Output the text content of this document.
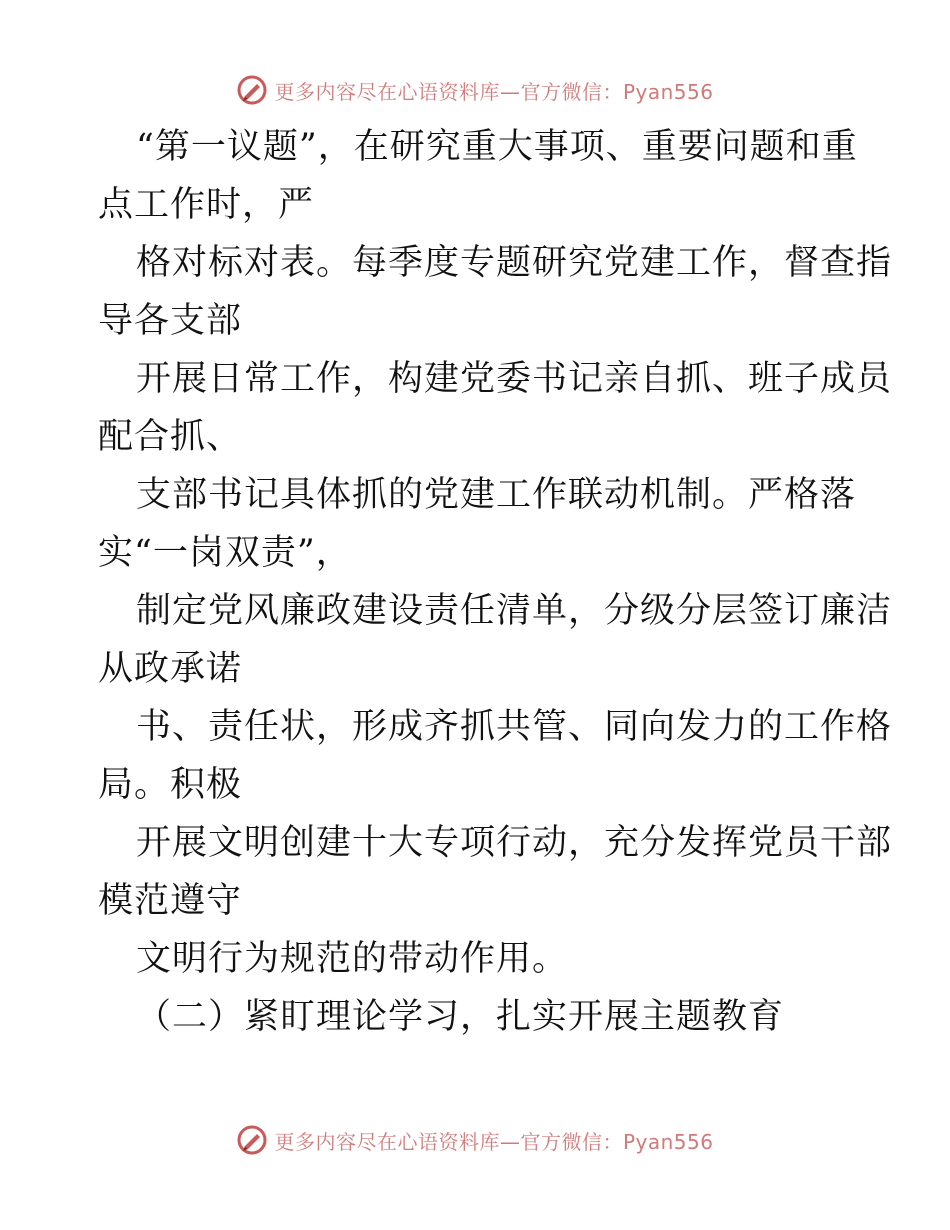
更多内容尽在心语资料库—官方微信：Pyan556
“第一议题”，在研究重大事项、重要问题和重
点工作时，严
格对标对表。每季度专题研究党建工作，督查指
导各支部
开展日常工作，构建党委书记亲自抓、班子成员
配合抓、
支部书记具体抓的党建工作联动机制。严格落
实“一岗双责”，
制定党风廉政建设责任清单，分级分层签订廉洁
从政承诺
书、责任状，形成齐抓共管、同向发力的工作格
局。积极
开展文明创建十大专项行动，充分发挥党员干部
模范遵守
文明行为规范的带动作用。
（二）紧盯理论学习，扎实开展主题教育
更多内容尽在心语资料库—官方微信：Pyan556
